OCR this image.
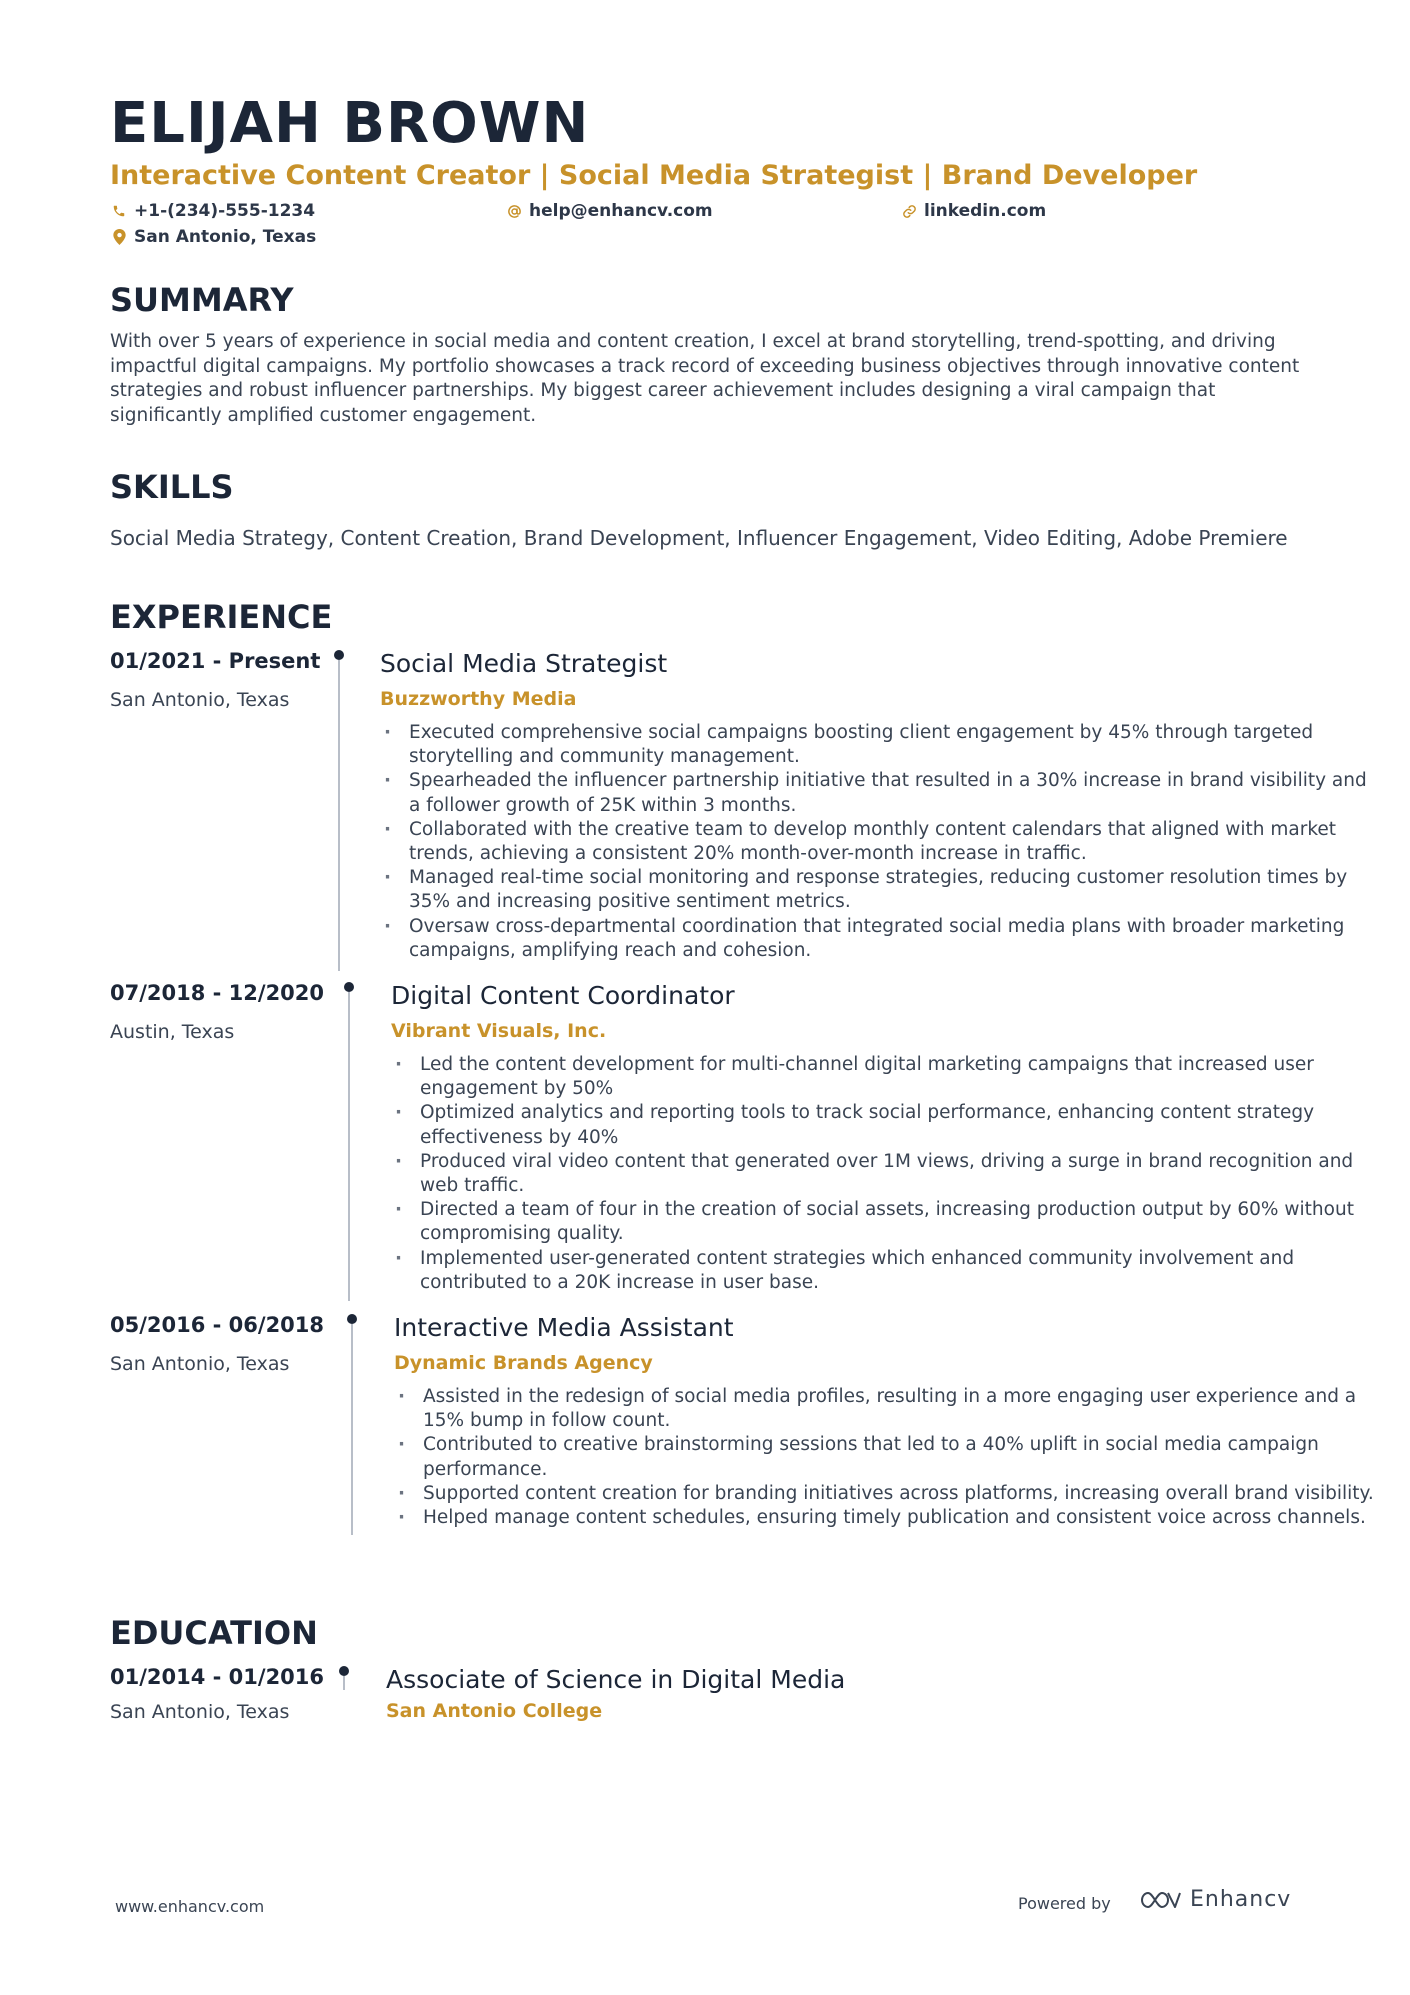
ELIJAH BROWN
Interactive Content Creator | Social Media Strategist | Brand Developer
+1-(234)-555-1234	help@enhancv.com	linkedin.com
San Antonio, Texas
SUMMARY
With over 5 years of experience in social media and content creation, I excel at brand storytelling, trend-spotting, and driving impactful digital campaigns. My portfolio showcases a track record of exceeding business objectives through innovative content strategies and robust influencer partnerships. My biggest career achievement includes designing a viral campaign that significantly amplified customer engagement.
SKILLS
Social Media Strategy, Content Creation, Brand Development, Influencer Engagement, Video Editing, Adobe Premiere
EXPERIENCE
01/2021 - Present
San Antonio, Texas
Social Media Strategist
Buzzworthy Media
· Executed comprehensive social campaigns boosting client engagement by 45% through targeted storytelling and community management.
· Spearheaded the influencer partnership initiative that resulted in a 30% increase in brand visibility and a follower growth of 25K within 3 months.
· Collaborated with the creative team to develop monthly content calendars that aligned with market trends, achieving a consistent 20% month-over-month increase in traffic.
· Managed real-time social monitoring and response strategies, reducing customer resolution times by 35% and increasing positive sentiment metrics.
· Oversaw cross-departmental coordination that integrated social media plans with broader marketing campaigns, amplifying reach and cohesion.
07/2018 - 12/2020
Austin, Texas
Digital Content Coordinator
Vibrant Visuals, Inc.
· Led the content development for multi-channel digital marketing campaigns that increased user engagement by 50%
· Optimized analytics and reporting tools to track social performance, enhancing content strategy effectiveness by 40%
· Produced viral video content that generated over 1M views, driving a surge in brand recognition and web traffic.
· Directed a team of four in the creation of social assets, increasing production output by 60% without compromising quality.
· Implemented user-generated content strategies which enhanced community involvement and contributed to a 20K increase in user base.
05/2016 - 06/2018
San Antonio, Texas
Interactive Media Assistant
Dynamic Brands Agency
· Assisted in the redesign of social media profiles, resulting in a more engaging user experience and a 15% bump in follow count.
· Contributed to creative brainstorming sessions that led to a 40% uplift in social media campaign performance.
· Supported content creation for branding initiatives across platforms, increasing overall brand visibility.
· Helped manage content schedules, ensuring timely publication and consistent voice across channels.
EDUCATION
01/2014 - 01/2016
San Antonio, Texas
Associate of Science in Digital Media
San Antonio College
www.enhancv.com	Powered by	Enhancv
